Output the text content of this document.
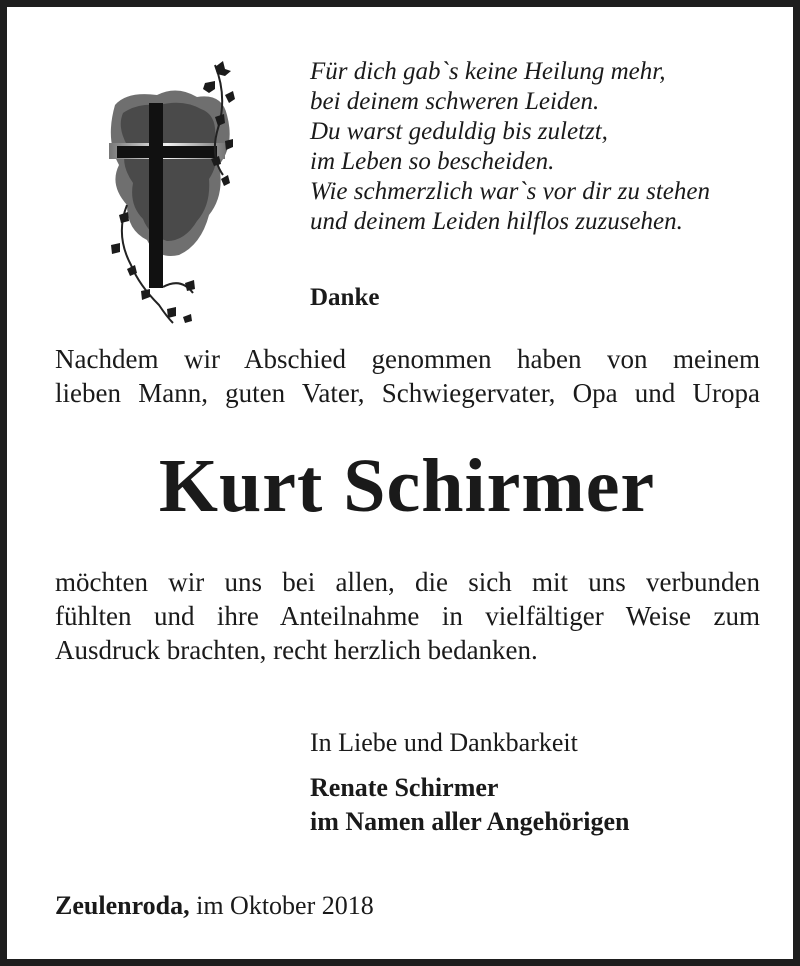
Für dich gab`s keine Heilung mehr,
bei deinem schweren Leiden.
Du warst geduldig bis zuletzt,
im Leben so bescheiden.
Wie schmerzlich war`s vor dir zu stehen
und deinem Leiden hilflos zuzusehen.
Danke
Nachdem wir Abschied genommen haben von meinem
lieben Mann, guten Vater, Schwiegervater, Opa und Uropa
Kurt Schirmer
möchten wir uns bei allen, die sich mit uns verbunden
fühlten und ihre Anteilnahme in vielfältiger Weise zum
Ausdruck brachten, recht herzlich bedanken.
In Liebe und Dankbarkeit
Renate Schirmer
im Namen aller Angehörigen
Zeulenroda, im Oktober 2018
